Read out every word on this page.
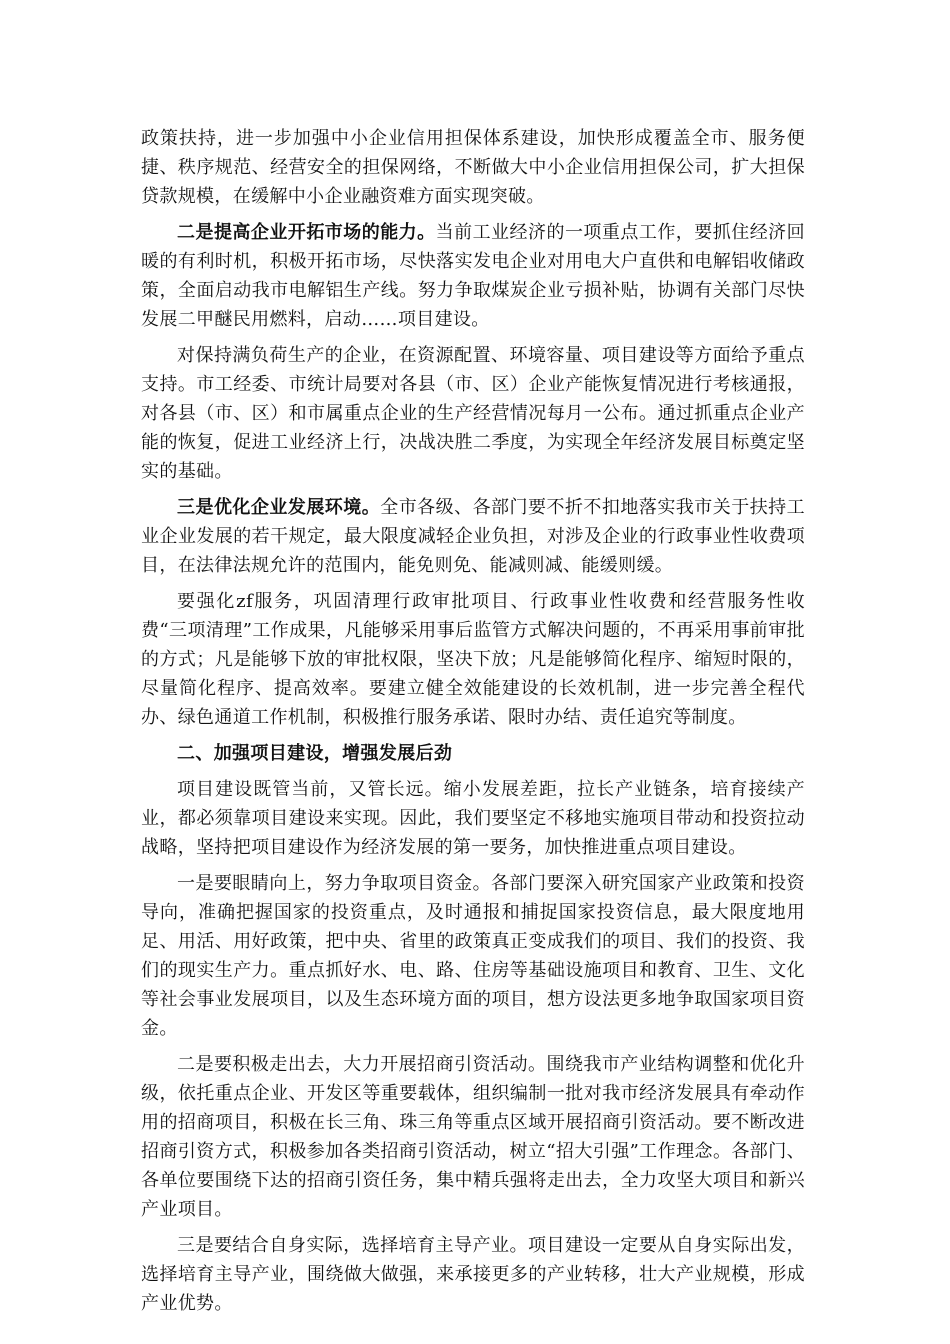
政策扶持，进一步加强中小企业信用担保体系建设，加快形成覆盖全市、服务便捷、秩序规范、经营安全的担保网络，不断做大中小企业信用担保公司，扩大担保贷款规模，在缓解中小企业融资难方面实现突破。

二是提高企业开拓市场的能力。当前工业经济的一项重点工作，要抓住经济回暖的有利时机，积极开拓市场，尽快落实发电企业对用电大户直供和电解铝收储政策，全面启动我市电解铝生产线。努力争取煤炭企业亏损补贴，协调有关部门尽快发展二甲醚民用燃料，启动……项目建设。

对保持满负荷生产的企业，在资源配置、环境容量、项目建设等方面给予重点支持。市工经委、市统计局要对各县（市、区）企业产能恢复情况进行考核通报，对各县（市、区）和市属重点企业的生产经营情况每月一公布。通过抓重点企业产能的恢复，促进工业经济上行，决战决胜二季度，为实现全年经济发展目标奠定坚实的基础。

三是优化企业发展环境。全市各级、各部门要不折不扣地落实我市关于扶持工业企业发展的若干规定，最大限度减轻企业负担，对涉及企业的行政事业性收费项目，在法律法规允许的范围内，能免则免、能减则减、能缓则缓。

要强化zf服务，巩固清理行政审批项目、行政事业性收费和经营服务性收费“三项清理”工作成果，凡能够采用事后监管方式解决问题的，不再采用事前审批的方式；凡是能够下放的审批权限，坚决下放；凡是能够简化程序、缩短时限的，尽量简化程序、提高效率。要建立健全效能建设的长效机制，进一步完善全程代办、绿色通道工作机制，积极推行服务承诺、限时办结、责任追究等制度。

二、加强项目建设，增强发展后劲

项目建设既管当前，又管长远。缩小发展差距，拉长产业链条，培育接续产业，都必须靠项目建设来实现。因此，我们要坚定不移地实施项目带动和投资拉动战略，坚持把项目建设作为经济发展的第一要务，加快推进重点项目建设。

一是要眼睛向上，努力争取项目资金。各部门要深入研究国家产业政策和投资导向，准确把握国家的投资重点，及时通报和捕捉国家投资信息，最大限度地用足、用活、用好政策，把中央、省里的政策真正变成我们的项目、我们的投资、我们的现实生产力。重点抓好水、电、路、住房等基础设施项目和教育、卫生、文化等社会事业发展项目，以及生态环境方面的项目，想方设法更多地争取国家项目资金。

二是要积极走出去，大力开展招商引资活动。围绕我市产业结构调整和优化升级，依托重点企业、开发区等重要载体，组织编制一批对我市经济发展具有牵动作用的招商项目，积极在长三角、珠三角等重点区域开展招商引资活动。要不断改进招商引资方式，积极参加各类招商引资活动，树立“招大引强”工作理念。各部门、各单位要围绕下达的招商引资任务，集中精兵强将走出去，全力攻坚大项目和新兴产业项目。

三是要结合自身实际，选择培育主导产业。项目建设一定要从自身实际出发，选择培育主导产业，围绕做大做强，来承接更多的产业转移，壮大产业规模，形成产业优势。
